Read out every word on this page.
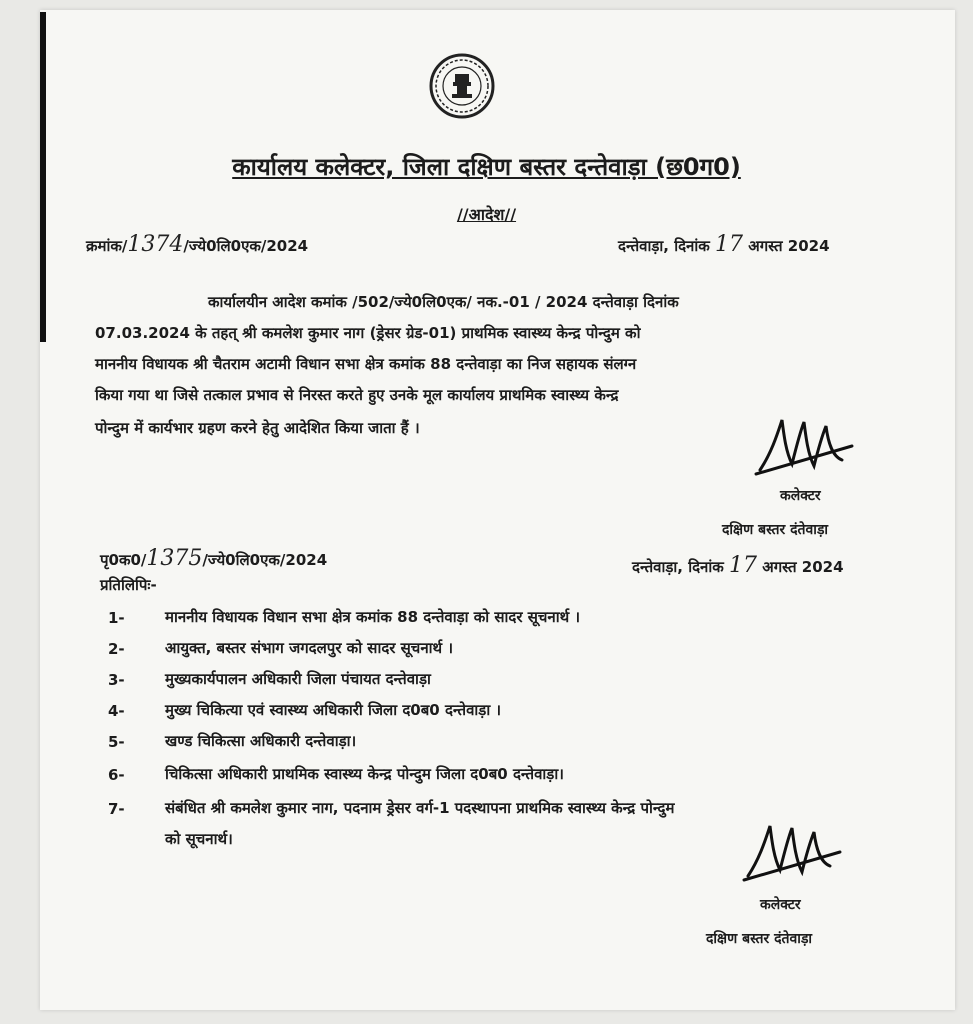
कार्यालय कलेक्टर, जिला दक्षिण बस्तर दन्तेवाड़ा (छ0ग0)
//आदेश//
क्रमांक/1374/ज्ये0लि0एक/2024	दन्तेवाड़ा, दिनांक 17 अगस्त 2024
कार्यालयीन आदेश कमांक /502/ज्ये0लि0एक/ नक.-01 / 2024 दन्तेवाड़ा दिनांक
07.03.2024 के तहत् श्री कमलेश कुमार नाग (ड्रेसर ग्रेड-01) प्राथमिक स्वास्थ्य केन्द्र पोन्दुम को
माननीय विधायक श्री चैतराम अटामी विधान सभा क्षेत्र कमांक 88 दन्तेवाड़ा का निज सहायक संलग्न
किया गया था जिसे तत्काल प्रभाव से निरस्त करते हुए उनके मूल कार्यालय प्राथमिक स्वास्थ्य केन्द्र
पोन्दुम में कार्यभार ग्रहण करने हेतु आदेशित किया जाता हैं ।
कलेक्टर
दक्षिण बस्तर दंतेवाड़ा
पृ0क0/1375/ज्ये0लि0एक/2024	दन्तेवाड़ा, दिनांक 17 अगस्त 2024
प्रतिलिपिः-
1-	माननीय विधायक विधान सभा क्षेत्र कमांक 88 दन्तेवाड़ा को सादर सूचनार्थ ।
2-	आयुक्त, बस्तर संभाग जगदलपुर को सादर सूचनार्थ ।
3-	मुख्यकार्यपालन अधिकारी जिला पंचायत दन्तेवाड़ा
4-	मुख्य चिकित्या एवं स्वास्थ्य अधिकारी जिला द0ब0 दन्तेवाड़ा ।
5-	खण्ड चिकित्सा अधिकारी दन्तेवाड़ा।
6-	चिकित्सा अधिकारी प्राथमिक स्वास्थ्य केन्द्र पोन्दुम जिला द0ब0 दन्तेवाड़ा।
7-	संबंधित श्री कमलेश कुमार नाग, पदनाम ड्रेसर वर्ग-1 पदस्थापना प्राथमिक स्वास्थ्य केन्द्र पोन्दुम
को सूचनार्थ।
कलेक्टर
दक्षिण बस्तर दंतेवाड़ा
